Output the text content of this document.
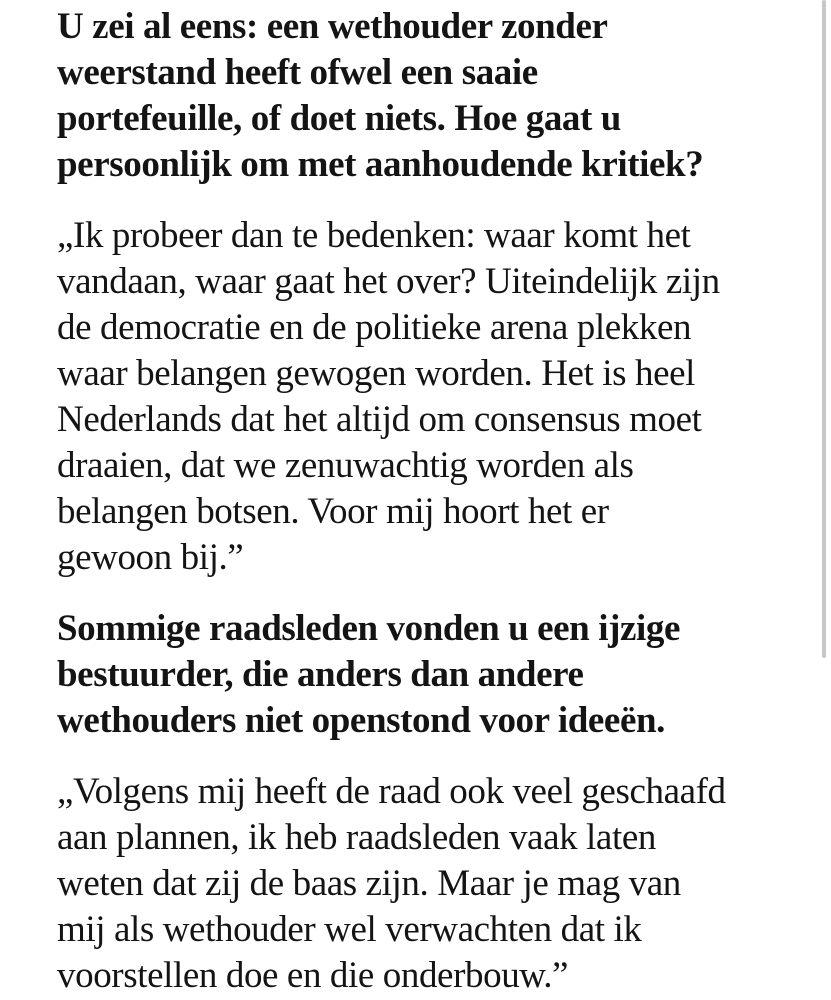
U zei al eens: een wethouder zonder
weerstand heeft ofwel een saaie
portefeuille, of doet niets. Hoe gaat u
persoonlijk om met aanhoudende kritiek?
„Ik probeer dan te bedenken: waar komt het
vandaan, waar gaat het over? Uiteindelijk zijn
de democratie en de politieke arena plekken
waar belangen gewogen worden. Het is heel
Nederlands dat het altijd om consensus moet
draaien, dat we zenuwachtig worden als
belangen botsen. Voor mij hoort het er
gewoon bij.”
Sommige raadsleden vonden u een ijzige
bestuurder, die anders dan andere
wethouders niet openstond voor ideeën.
„Volgens mij heeft de raad ook veel geschaafd
aan plannen, ik heb raadsleden vaak laten
weten dat zij de baas zijn. Maar je mag van
mij als wethouder wel verwachten dat ik
voorstellen doe en die onderbouw.”
